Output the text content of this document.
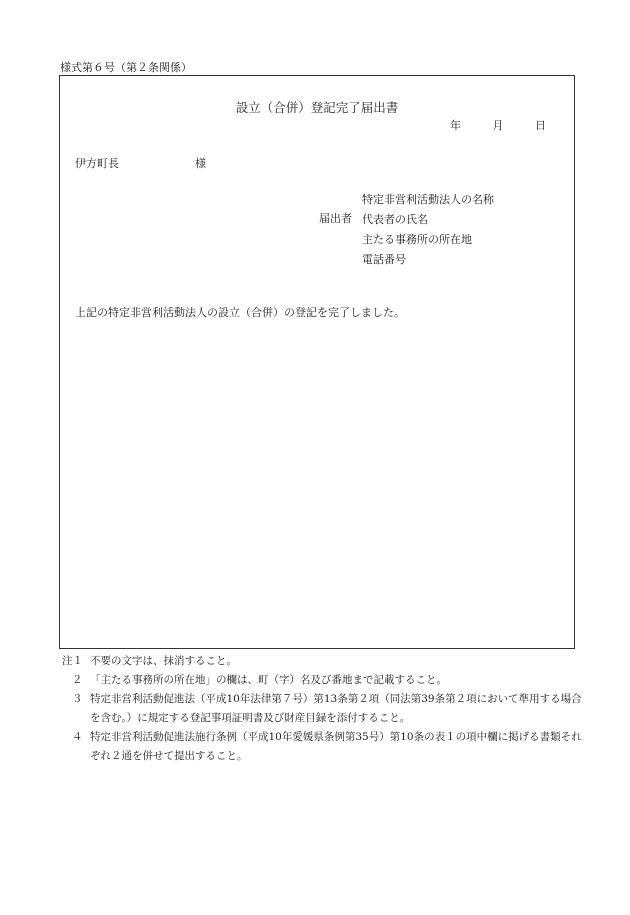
様式第６号（第２条関係）
設立（合併）登記完了届出書
年	月	日
伊方町長	様
届出者
特定非営利活動法人の名称
代表者の氏名
主たる事務所の所在地
電話番号
上記の特定非営利活動法人の設立（合併）の登記を完了しました。
注１ 不要の文字は、抹消すること。
２ 「主たる事務所の所在地」の欄は、町（字）名及び番地まで記載すること。
３ 特定非営利活動促進法（平成10年法律第７号）第13条第２項（同法第39条第２項において準用する場合を含む。）に規定する登記事項証明書及び財産目録を添付すること。
４ 特定非営利活動促進法施行条例（平成10年愛媛県条例第35号）第10条の表１の項中欄に掲げる書類それぞれ２通を併せて提出すること。
